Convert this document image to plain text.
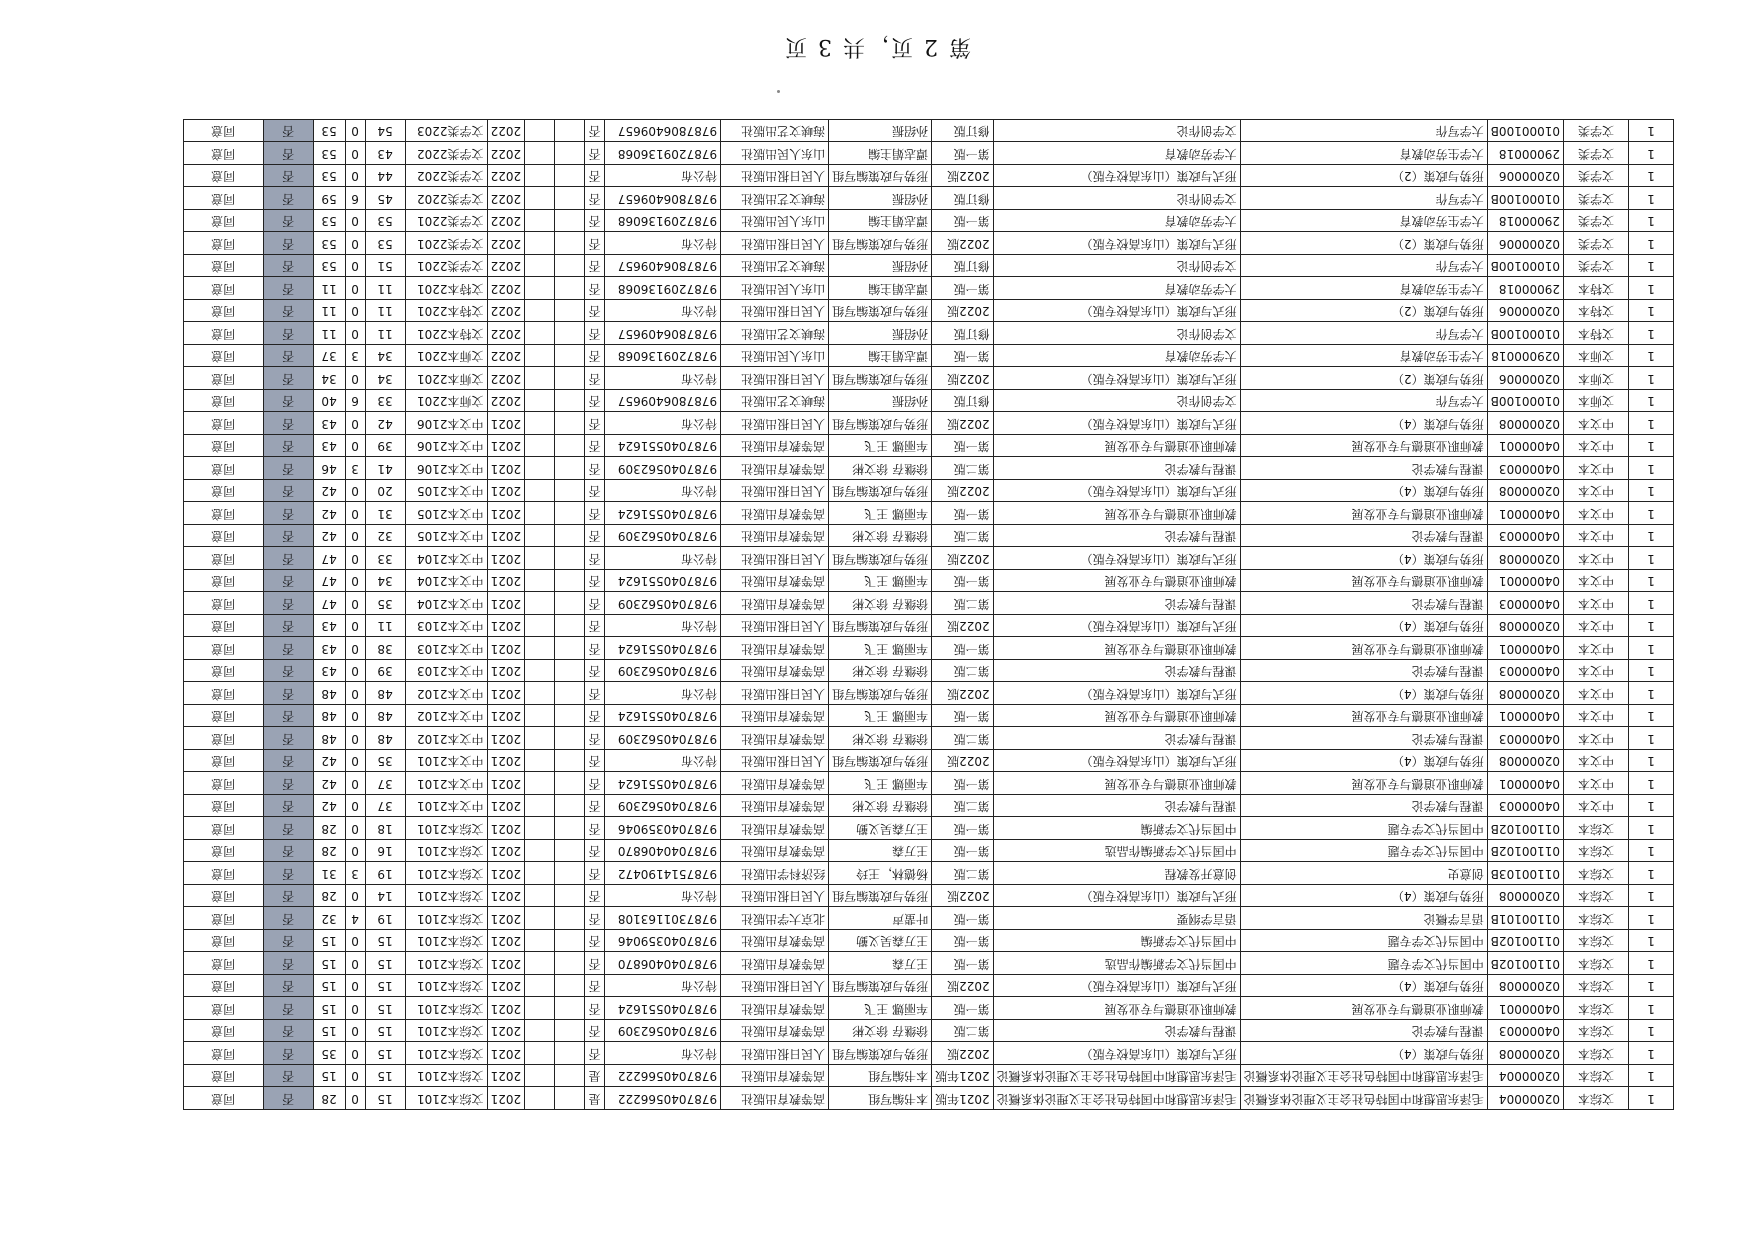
第 2 页，共 3 页
1	文综本	02000004	毛泽东思想和中国特色社会主义理论体系概论	毛泽东思想和中国特色社会主义理论体系概论	2021年版	本书编写组	高等教育出版社	9787040566222	是			2021	文综本2101	15	0	28	否	同意
1	文综本	02000004	毛泽东思想和中国特色社会主义理论体系概论	毛泽东思想和中国特色社会主义理论体系概论	2021年版	本书编写组	高等教育出版社	9787040566222	是			2021	文综本2101	15	0	15	否	同意
1	文综本	02000008	形势与政策（4）	形式与政策（山东高校专版）	2022版	形势与政策编写组	人民日报出版社	待公布	否			2021	文综本2101	15	0	35	否	同意
1	文综本	04000003	课程与教学论	课程与教学论	第二版	徐继存 徐文彬	高等教育出版社	9787040562309	否			2021	文综本2101	15	0	15	否	同意
1	文综本	04000001	教师职业道德与专业发展	教师职业道德与专业发展	第一版	车丽娜 王飞	高等教育出版社	9787040551624	否			2021	文综本2101	15	0	15	否	同意
1	文综本	02000008	形势与政策（4）	形式与政策（山东高校专版）	2022版	形势与政策编写组	人民日报出版社	待公布	否			2021	文综本2101	15	0	15	否	同意
1	文综本	01100102B	中国当代文学专题	中国当代文学新编作品选	第一版	王万森	高等教育出版社	9787040406870	否			2021	文综本2101	15	0	15	否	同意
1	文综本	01100102B	中国当代文学专题	中国当代文学新编	第一版	王万森吴义勤	高等教育出版社	9787040359046	否			2021	文综本2101	15	0	15	否	同意
1	文综本	01100101B	语言学概论	语言学纲要	第一版	叶蜚声	北京大学出版社	9787301163108	否			2021	文综本2101	19	4	32	否	同意
1	文综本	02000008	形势与政策（4）	形式与政策（山东高校专版）	2022版	形势与政策编写组	人民日报出版社	待公布	否			2021	文综本2101	14	0	28	否	同意
1	文综本	01100103B	创意史	创意开发教程	第二版	杨德林，王玲	经济科学出版社	9787514190472	否			2021	文综本2101	19	3	31	否	同意
1	文综本	01100102B	中国当代文学专题	中国当代文学新编作品选	第一版	王万森	高等教育出版社	9787040406870	否			2021	文综本2101	16	0	28	否	同意
1	文综本	01100102B	中国当代文学专题	中国当代文学新编	第一版	王万森吴义勤	高等教育出版社	9787040359046	否			2021	文综本2101	18	0	28	否	同意
1	中文本	04000003	课程与教学论	课程与教学论	第二版	徐继存 徐文彬	高等教育出版社	9787040562309	否			2021	中文本2101	37	0	42	否	同意
1	中文本	04000001	教师职业道德与专业发展	教师职业道德与专业发展	第一版	车丽娜 王飞	高等教育出版社	9787040551624	否			2021	中文本2101	37	0	42	否	同意
1	中文本	02000008	形势与政策（4）	形式与政策（山东高校专版）	2022版	形势与政策编写组	人民日报出版社	待公布	否			2021	中文本2101	35	0	42	否	同意
1	中文本	04000003	课程与教学论	课程与教学论	第二版	徐继存 徐文彬	高等教育出版社	9787040562309	否			2021	中文本2102	48	0	48	否	同意
1	中文本	04000001	教师职业道德与专业发展	教师职业道德与专业发展	第一版	车丽娜 王飞	高等教育出版社	9787040551624	否			2021	中文本2102	48	0	48	否	同意
1	中文本	02000008	形势与政策（4）	形式与政策（山东高校专版）	2022版	形势与政策编写组	人民日报出版社	待公布	否			2021	中文本2102	48	0	48	否	同意
1	中文本	04000003	课程与教学论	课程与教学论	第二版	徐继存 徐文彬	高等教育出版社	9787040562309	否			2021	中文本2103	39	0	43	否	同意
1	中文本	04000001	教师职业道德与专业发展	教师职业道德与专业发展	第一版	车丽娜 王飞	高等教育出版社	9787040551624	否			2021	中文本2103	38	0	43	否	同意
1	中文本	02000008	形势与政策（4）	形式与政策（山东高校专版）	2022版	形势与政策编写组	人民日报出版社	待公布	否			2021	中文本2103	11	0	43	否	同意
1	中文本	04000003	课程与教学论	课程与教学论	第二版	徐继存 徐文彬	高等教育出版社	9787040562309	否			2021	中文本2104	35	0	47	否	同意
1	中文本	04000001	教师职业道德与专业发展	教师职业道德与专业发展	第一版	车丽娜 王飞	高等教育出版社	9787040551624	否			2021	中文本2104	34	0	47	否	同意
1	中文本	02000008	形势与政策（4）	形式与政策（山东高校专版）	2022版	形势与政策编写组	人民日报出版社	待公布	否			2021	中文本2104	33	0	47	否	同意
1	中文本	04000003	课程与教学论	课程与教学论	第二版	徐继存 徐文彬	高等教育出版社	9787040562309	否			2021	中文本2105	32	0	42	否	同意
1	中文本	04000001	教师职业道德与专业发展	教师职业道德与专业发展	第一版	车丽娜 王飞	高等教育出版社	9787040551624	否			2021	中文本2105	31	0	42	否	同意
1	中文本	02000008	形势与政策（4）	形式与政策（山东高校专版）	2022版	形势与政策编写组	人民日报出版社	待公布	否			2021	中文本2105	20	0	42	否	同意
1	中文本	04000003	课程与教学论	课程与教学论	第二版	徐继存 徐文彬	高等教育出版社	9787040562309	否			2021	中文本2106	41	3	46	否	同意
1	中文本	04000001	教师职业道德与专业发展	教师职业道德与专业发展	第一版	车丽娜 王飞	高等教育出版社	9787040551624	否			2021	中文本2106	39	0	43	否	同意
1	中文本	02000008	形势与政策（4）	形式与政策（山东高校专版）	2022版	形势与政策编写组	人民日报出版社	待公布	否			2021	中文本2106	42	0	43	否	同意
1	文师本	01000100B	大学写作	文学创作论	修订版	孙绍振	海峡文艺出版社	9787806409657	否			2022	文师本2201	33	6	40	否	同意
1	文师本	02000006	形势与政策（2）	形式与政策（山东高校专版）	2022版	形势与政策编写组	人民日报出版社	待公布	否			2022	文师本2201	34	0	34	否	同意
1	文师本	029000018	大学生劳动教育	大学劳动教育	第一版	谭志娟主编	山东人民出版社	9787209136068	否			2022	文师本2201	34	3	37	否	同意
1	文特本	01000100B	大学写作	文学创作论	修订版	孙绍振	海峡文艺出版社	9787806409657	否			2022	文特本2201	11	0	11	否	同意
1	文特本	02000006	形势与政策（2）	形式与政策（山东高校专版）	2022版	形势与政策编写组	人民日报出版社	待公布	否			2022	文特本2201	11	0	11	否	同意
1	文特本	29000018	大学生劳动教育	大学劳动教育	第一版	谭志娟主编	山东人民出版社	9787209136068	否			2022	文特本2201	11	0	11	否	同意
1	文学类	01000100B	大学写作	文学创作论	修订版	孙绍振	海峡文艺出版社	9787806409657	否			2022	文学类2201	51	0	53	否	同意
1	文学类	02000006	形势与政策（2）	形式与政策（山东高校专版）	2022版	形势与政策编写组	人民日报出版社	待公布	否			2022	文学类2201	53	0	53	否	同意
1	文学类	29000018	大学生劳动教育	大学劳动教育	第一版	谭志娟主编	山东人民出版社	9787209136068	否			2022	文学类2201	53	0	53	否	同意
1	文学类	01000100B	大学写作	文学创作论	修订版	孙绍振	海峡文艺出版社	9787806409657	否			2022	文学类2202	45	6	59	否	同意
1	文学类	02000006	形势与政策（2）	形式与政策（山东高校专版）	2022版	形势与政策编写组	人民日报出版社	待公布	否			2022	文学类2202	44	0	53	否	同意
1	文学类	29000018	大学生劳动教育	大学劳动教育	第一版	谭志娟主编	山东人民出版社	9787209136068	否			2022	文学类2202	43	0	53	否	同意
1	文学类	01000100B	大学写作	文学创作论	修订版	孙绍振	海峡文艺出版社	9787806409657	否			2022	文学类2203	54	0	53	否	同意
